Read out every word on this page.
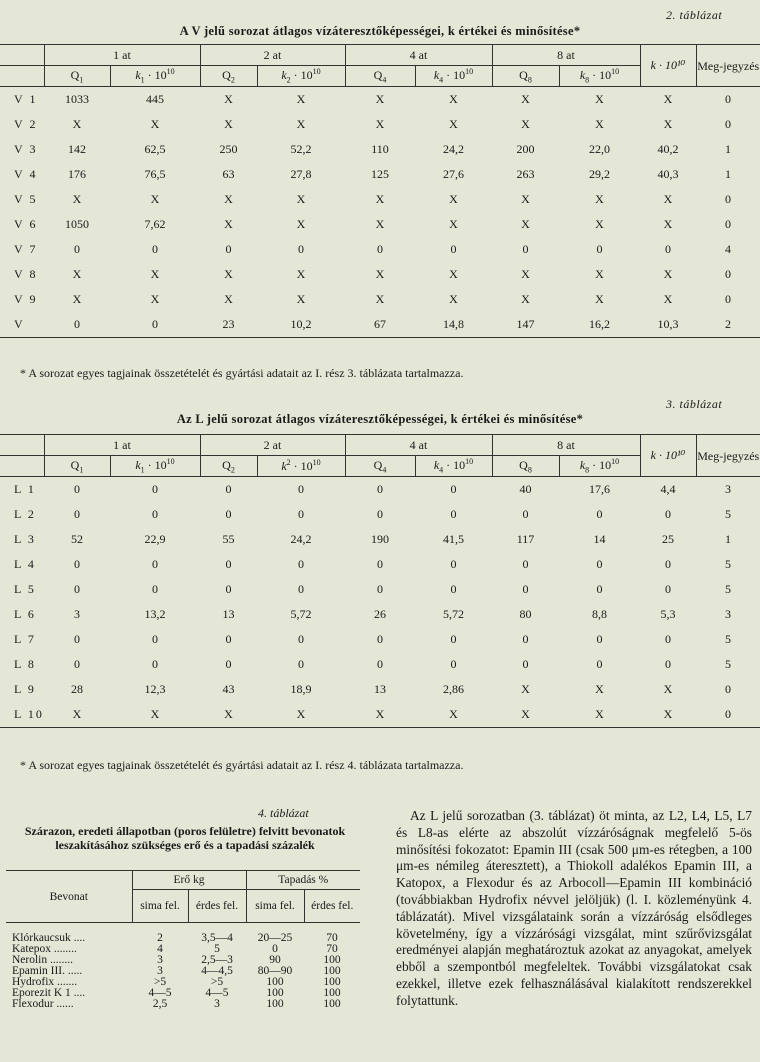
2. táblázat
A V jelű sorozat átlagos vízáteresztőképességei, k értékei és minősítése*
	1 at		2 at		4 at		8 at		k · 10¹⁰	Meg-jegyzés
	$Q_1$	$k_1 \cdot 10^{10}$	$Q_2$	$k_2 \cdot 10^{10}$	$Q_4$	$k_4 \cdot 10^{10}$	$Q_8$	$k_8 \cdot 10^{10}$
V 1	1033	445	X	X	X	X	X	X	X	0
V 2	X	X	X	X	X	X	X	X	X	0
V 3	142	62,5	250	52,2	110	24,2	200	22,0	40,2	1
V 4	176	76,5	63	27,8	125	27,6	263	29,2	40,3	1
V 5	X	X	X	X	X	X	X	X	X	0
V 6	1050	7,62	X	X	X	X	X	X	X	0
V 7	0	0	0	0	0	0	0	0	0	4
V 8	X	X	X	X	X	X	X	X	X	0
V 9	X	X	X	X	X	X	X	X	X	0
V	0	0	23	10,2	67	14,8	147	16,2	10,3	2
* A sorozat egyes tagjainak összetételét és gyártási adatait az I. rész 3. táblázata tartalmazza.
3. táblázat
Az L jelű sorozat átlagos vízáteresztőképességei, k értékei és minősítése*
	1 at		2 at		4 at		8 at		k · 10¹⁰	Meg-jegyzés
	$Q_1$	$k_1 \cdot 10^{10}$	$Q_2$	$k^2 \cdot 10^{10}$	$Q_4$	$k_4 \cdot 10^{10}$	$Q_8$	$k_8 \cdot 10^{10}$
L 1	0	0	0	0	0	0	40	17,6	4,4	3
L 2	0	0	0	0	0	0	0	0	0	5
L 3	52	22,9	55	24,2	190	41,5	117	14	25	1
L 4	0	0	0	0	0	0	0	0	0	5
L 5	0	0	0	0	0	0	0	0	0	5
L 6	3	13,2	13	5,72	26	5,72	80	8,8	5,3	3
L 7	0	0	0	0	0	0	0	0	0	5
L 8	0	0	0	0	0	0	0	0	0	5
L 9	28	12,3	43	18,9	13	2,86	X	X	X	0
L 10	X	X	X	X	X	X	X	X	X	0
* A sorozat egyes tagjainak összetételét és gyártási adatait az I. rész 4. táblázata tartalmazza.
4. táblázat
Szárazon, eredeti állapotban (poros felületre) felvitt bevonatok leszakításához szükséges erő és a tapadási százalék
Bevonat	Erő kg		Tapadás %	
	sima fel.	érdes fel.	sima fel.	érdes fel.
Klórkaucsuk ....	2	3,5—4	20—25	70
Katepox ........	4	5	0	70
Nerolin ........	3	2,5—3	90	100
Epamin III. .....	3	4—4,5	80—90	100
Hydrofix .......	>5	>5	100	100
Eporezit K 1 ....	4—5	4—5	100	100
Flexodur ......	2,5	3	100	100

Az L jelű sorozatban (3. táblázat) öt minta, az L2, L4, L5, L7 és L8-as elérte az abszolút vízzáróságnak megfelelő 5-ös minősítési fokozatot: Epamin III (csak 500 μm-es rétegben, a 100 μm-es némileg áteresztett), a Thiokoll adalékos Epamin III, a Katopox, a Flexodur és az Arbocoll—Epamin III kombináció (továbbiakban Hydrofix névvel jelöljük) (l. I. közleményünk 4. táblázatát). Mivel vizsgálataink során a vízzáróság elsődleges követelmény, így a vízzárósági vizsgálat, mint szűrővizsgálat eredményei alapján meghatároztuk azokat az anyagokat, amelyek ebből a szempontból megfeleltek. További vizsgálatokat csak ezekkel, illetve ezek felhasználásával kialakított rendszerekkel folytattunk.
